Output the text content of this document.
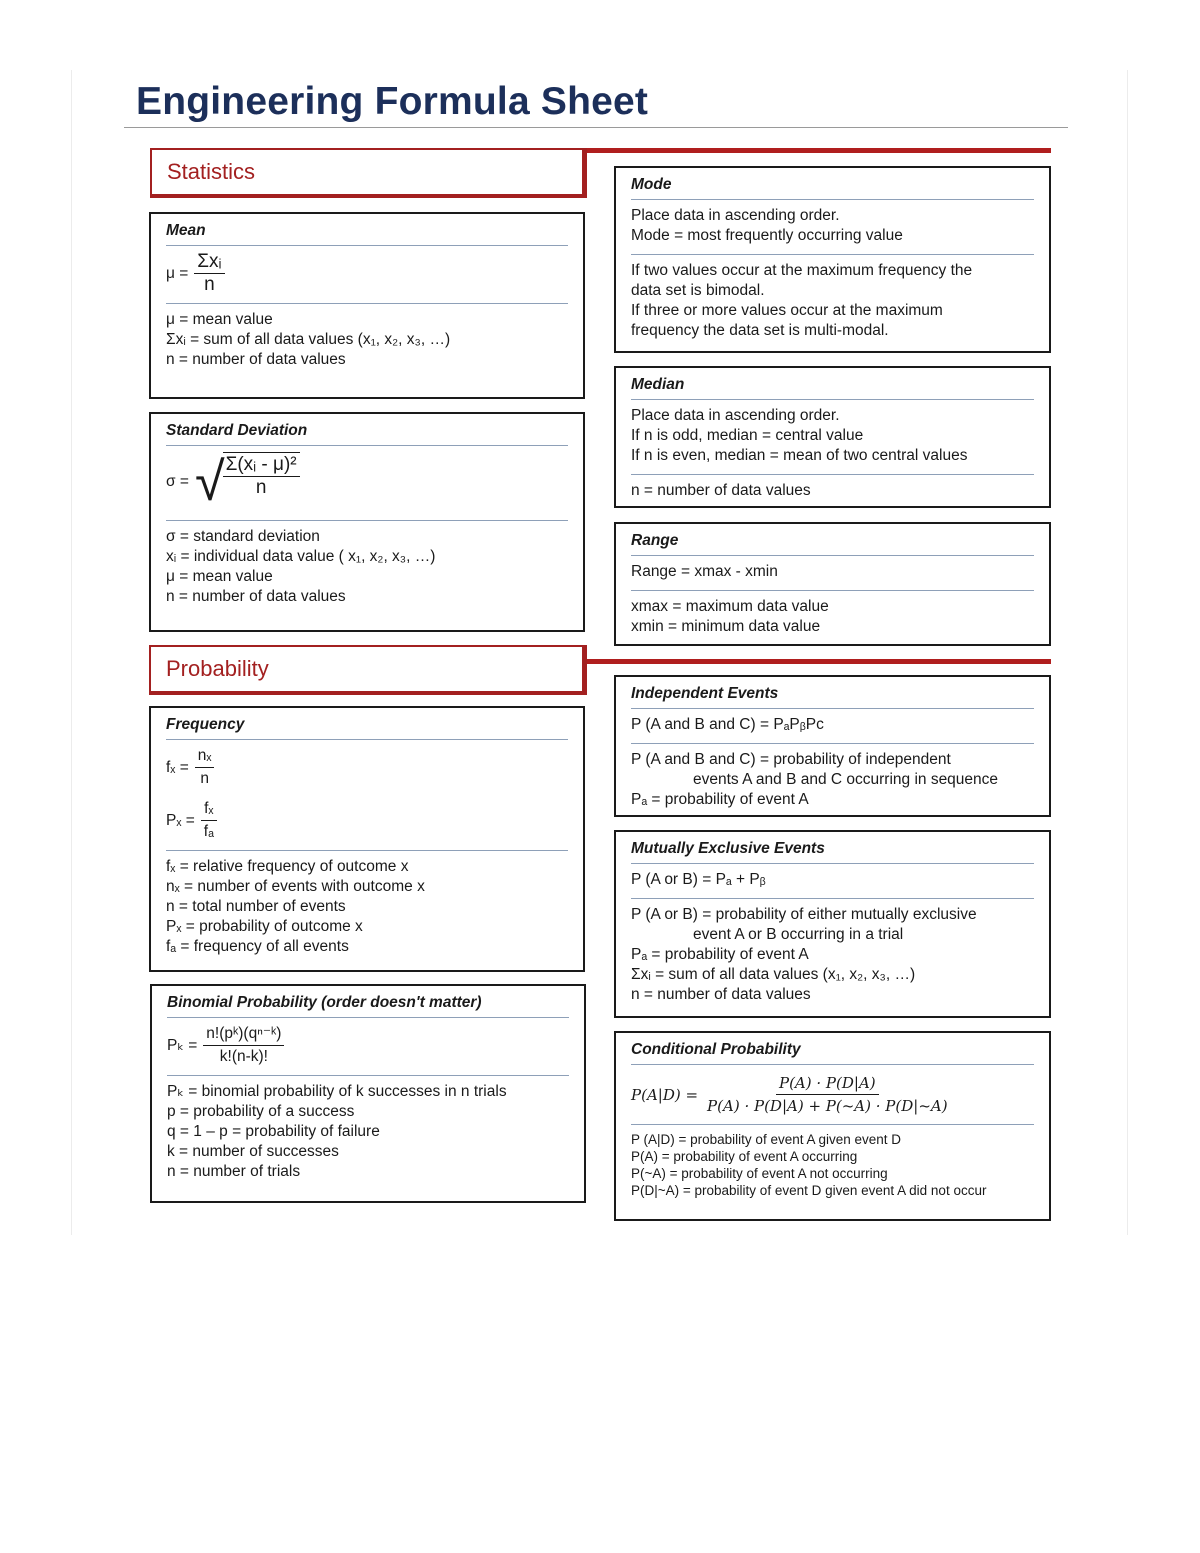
Engineering Formula Sheet
Statistics
Mean
$\mu = \frac{\text{Σxᵢ}}{n}$
μ = mean value
Σxᵢ = sum of all data values (x₁, x₂, x₃, …)
n = number of data values
Standard Deviation
σ = √
$\frac{\text{Σ(xᵢ - μ)²}}{n}$
σ = standard deviation
xᵢ = individual data value ( x₁, x₂, x₃, …)
μ = mean value
n = number of data values
Mode
Place data in ascending order.
Mode = most frequently occurring value
If two values occur at the maximum frequency the
data set is bimodal.
If three or more values occur at the maximum
frequency the data set is multi-modal.
Median
Place data in ascending order.
If n is odd, median = central value
If n is even, median = mean of two central values
n = number of data values
Range
Range = xmax - xmin
xmax = maximum data value
xmin = minimum data value
Probability
Frequency
$f_x = \frac{\text{nₓ}}{n}$
$P_x = \frac{\text{fₓ}}{\text{fₐ}}$
fₓ = relative frequency of outcome x
nₓ = number of events with outcome x
n = total number of events
Pₓ = probability of outcome x
fₐ = frequency of all events
Binomial Probability (order doesn't matter)
$P_k = \frac{\text{n!(pᵏ)(qⁿ⁻ᵏ)}}{k!(n-k)!}$
Pₖ = binomial probability of k successes in n trials
p = probability of a success
q = 1 – p = probability of failure
k = number of successes
n = number of trials
Independent Events
P (A and B and C) = PₐPᵦPc
P (A and B and C) = probability of independent
events A and B and C occurring in sequence
Pₐ = probability of event A
Mutually Exclusive Events
P (A or B) = Pₐ + Pᵦ
P (A or B) = probability of either mutually exclusive
event A or B occurring in a trial
Pₐ = probability of event A
Σxᵢ = sum of all data values (x₁, x₂, x₃, …)
n = number of data values
Conditional Probability
$P(A|D) = \frac{P(A) \cdot P(D|A)}{P(A) \cdot P(D|A) + P(\sim A) \cdot P(D|\sim A)}$
P (A|D) = probability of event A given event D
P(A) = probability of event A occurring
P(~A) = probability of event A not occurring
P(D|~A) = probability of event D given event A did not occur
